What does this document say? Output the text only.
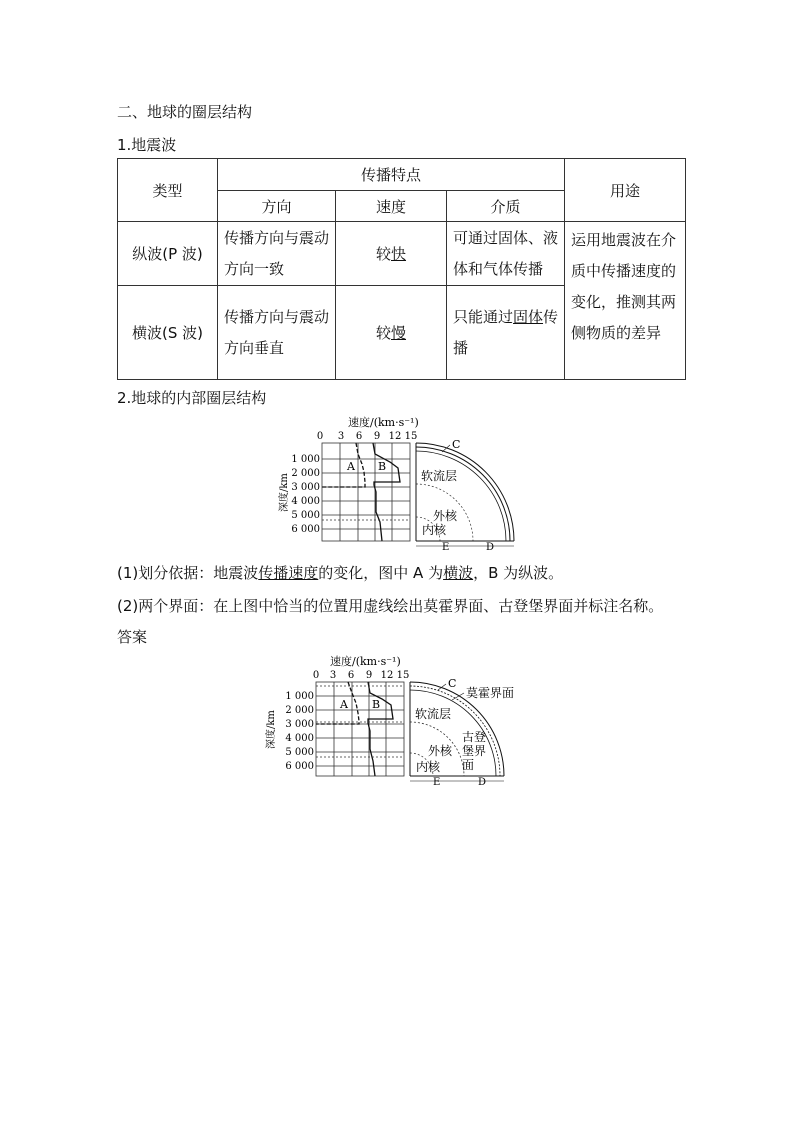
二、地球的圈层结构
1.地震波
类型	传播特点			用途
	方向	速度	介质	
纵波(P 波)	传播方向与震动方向一致	较快	可通过固体、液体和气体传播	运用地震波在介质中传播速度的变化，推测其两侧物质的差异
横波(S 波)	传播方向与震动方向垂直	较慢	只能通过固体传播	
2.地球的内部圈层结构
速度/(km·s⁻¹)
0 3 6 9 12 15
1 000
2 000
3 000
4 000
5 000
6 000
深度/km
A B
C
软流层
外核
内核
E	D
(1)划分依据：地震波传播速度的变化，图中 A 为横波，B 为纵波。
(2)两个界面：在上图中恰当的位置用虚线绘出莫霍界面、古登堡界面并标注名称。
答案
速度/(km·s⁻¹)
0 3 6 9 12 15
1 000
2 000
3 000
4 000
5 000
6 000
深度/km
A B
C
莫霍界面
软流层
古登
堡界
面
外核
内核
E	D
